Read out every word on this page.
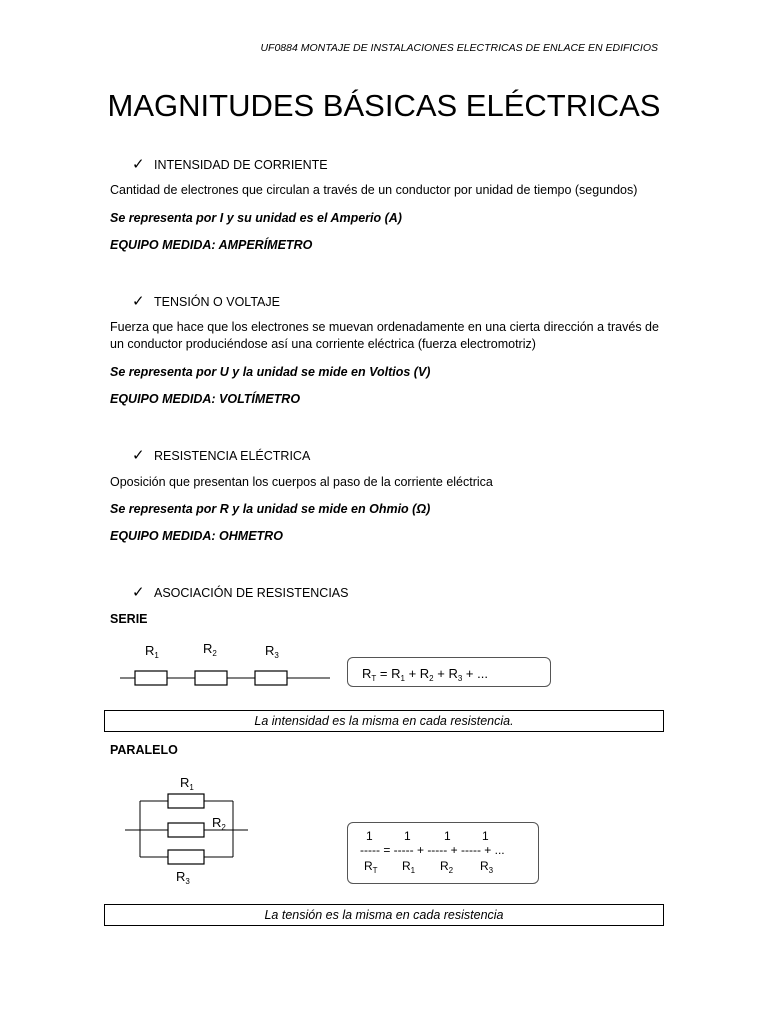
UF0884 MONTAJE DE INSTALACIONES ELECTRICAS DE ENLACE EN EDIFICIOS
MAGNITUDES BÁSICAS ELÉCTRICAS
✓ INTENSIDAD DE CORRIENTE
Cantidad de electrones que circulan a través de un conductor por unidad de tiempo (segundos)
Se representa por I y su unidad es el Amperio (A)
EQUIPO MEDIDA: AMPERÍMETRO
✓ TENSIÓN O VOLTAJE
Fuerza que hace que los electrones se muevan ordenadamente en una cierta dirección a través de un conductor produciéndose así una corriente eléctrica (fuerza electromotriz)
Se representa por U y la unidad se mide en Voltios (V)
EQUIPO MEDIDA: VOLTÍMETRO
✓ RESISTENCIA ELÉCTRICA
Oposición que presentan los cuerpos al paso de la corriente eléctrica
Se representa por R y la unidad se mide en Ohmio (Ω)
EQUIPO MEDIDA: OHMETRO
✓ ASOCIACIÓN DE RESISTENCIAS
SERIE
$R_1$	$R_2$	$R_3$
$R_T = R_1 + R_2 + R_3$ + ...
La intensidad es la misma en cada resistencia.
PARALELO
$R_1$
$R_2$
$R_3$
1	1	1	1
----- = ----- + ----- + ----- + ...
$R_T$ $R_1$ $R_2$ $R_3$
La tensión es la misma en cada resistencia
